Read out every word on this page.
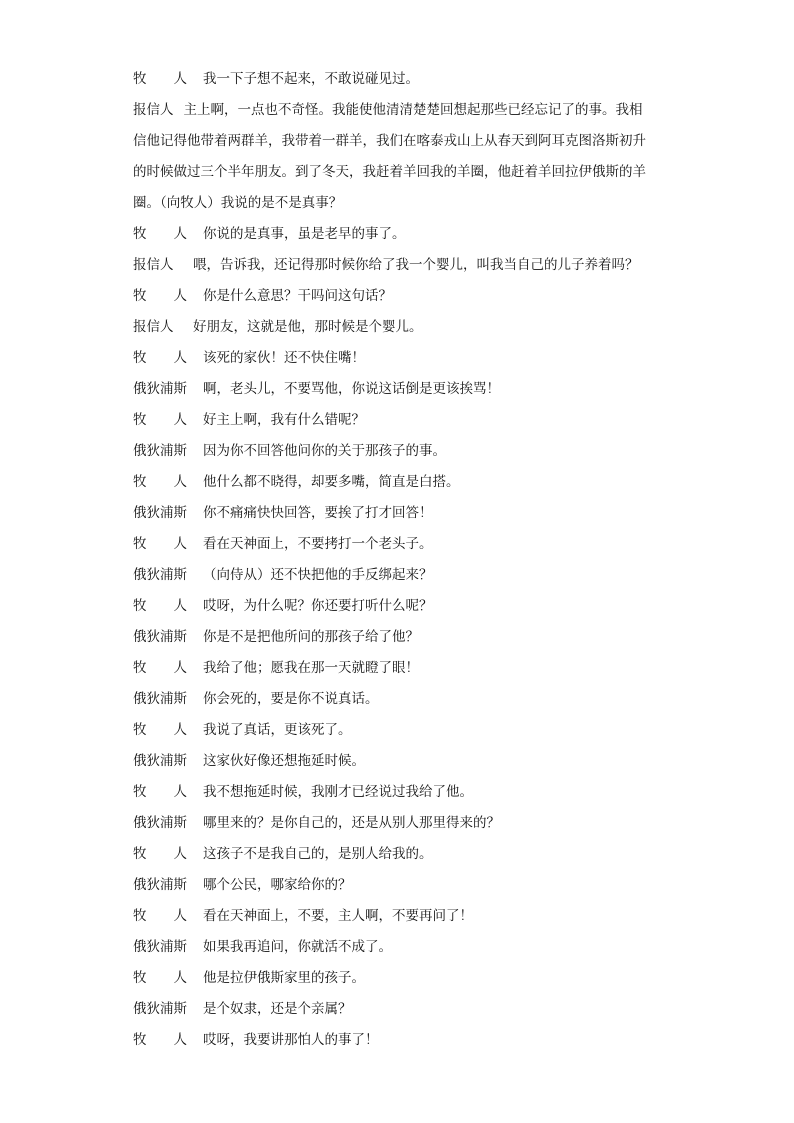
牧　　人	我一下子想不起来，不敢说碰见过。
报信人 主上啊，一点也不奇怪。我能使他清清楚楚回想起那些已经忘记了的事。我相
信他记得他带着两群羊，我带着一群羊，我们在喀泰戎山上从春天到阿耳克图洛斯初升
的时候做过三个半年朋友。到了冬天，我赶着羊回我的羊圈，他赶着羊回拉伊俄斯的羊
圈。（向牧人）我说的是不是真事？
牧　　人	你说的是真事，虽是老早的事了。
报信人	喂，告诉我，还记得那时候你给了我一个婴儿，叫我当自己的儿子养着吗？
牧　　人	你是什么意思？干吗问这句话？
报信人	好朋友，这就是他，那时候是个婴儿。
牧　　人	该死的家伙！还不快住嘴！
俄狄浦斯	啊，老头儿，不要骂他，你说这话倒是更该挨骂！
牧　　人	好主上啊，我有什么错呢？
俄狄浦斯	因为你不回答他问你的关于那孩子的事。
牧　　人	他什么都不晓得，却要多嘴，简直是白搭。
俄狄浦斯	你不痛痛快快回答，要挨了打才回答！
牧　　人	看在天神面上，不要拷打一个老头子。
俄狄浦斯	（向侍从）还不快把他的手反绑起来？
牧　　人	哎呀，为什么呢？你还要打听什么呢？
俄狄浦斯	你是不是把他所问的那孩子给了他？
牧　　人	我给了他；愿我在那一天就瞪了眼！
俄狄浦斯	你会死的，要是你不说真话。
牧　　人	我说了真话，更该死了。
俄狄浦斯	这家伙好像还想拖延时候。
牧　　人	我不想拖延时候，我刚才已经说过我给了他。
俄狄浦斯	哪里来的？是你自己的，还是从别人那里得来的？
牧　　人	这孩子不是我自己的，是别人给我的。
俄狄浦斯	哪个公民，哪家给你的？
牧　　人	看在天神面上，不要，主人啊，不要再问了！
俄狄浦斯	如果我再追问，你就活不成了。
牧　　人	他是拉伊俄斯家里的孩子。
俄狄浦斯	是个奴隶，还是个亲属？
牧　　人	哎呀，我要讲那怕人的事了！
